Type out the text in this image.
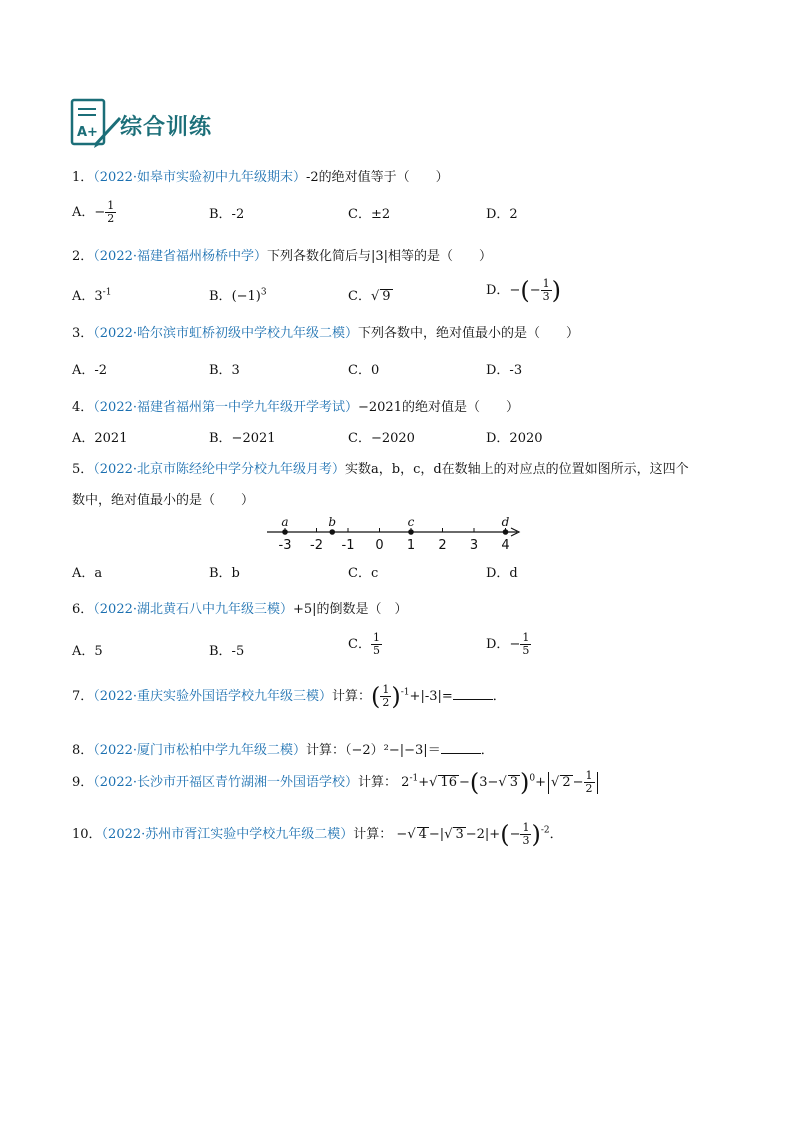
A+ 综合训练
1．（2022·如皋市实验初中九年级期末）-2的绝对值等于（　　）
A．− $\frac{1}{2}$	B．-2	C．±2	D．2
2．（2022·福建省福州杨桥中学）下列各数化简后与|3|相等的是（　　）
A．$3^{-1}$	B．$(-1)^3$	C．√ 9	D．−(− $\frac{1}{3}$ )
3．（2022·哈尔滨市虹桥初级中学校九年级二模）下列各数中，绝对值最小的是（　　）
A．-2	B．3	C．0	D．-3
4．（2022·福建省福州第一中学九年级开学考试）−2021的绝对值是（　　）
A．2021	B．−2021	C．−2020	D．2020
5．（2022·北京市陈经纶中学分校九年级月考）实数a，b，c，d在数轴上的对应点的位置如图所示，这四个
数中，绝对值最小的是（　　）
-3 -2 -1 0 1 2 3 4
a	b	c	d
A．a	B．b	C．c	D．d
6．（2022·湖北黄石八中九年级三模）+5|的倒数是（　）
A．5	B．-5	C． $\frac{1}{5}$	D．− $\frac{1}{5}$
7．（2022·重庆实验外国语学校九年级三模）计算：( $\frac{1}{2} )^{-1}+|-3|=$	．
8．（2022·厦门市松柏中学九年级二模）计算：（−2）²−|−3|＝	．
9．（2022·长沙市开福区青竹湖湘一外国语学校）计算： $2^{-1}+√$ 16 −(3−√ 3)$^0$+ √ $2 - \frac{1}{2}$
10．（2022·苏州市胥江实验中学校九年级二模）计算： −√ 4 −|√ $3 -2|+(- \frac{1}{3} )^{-2}$．
